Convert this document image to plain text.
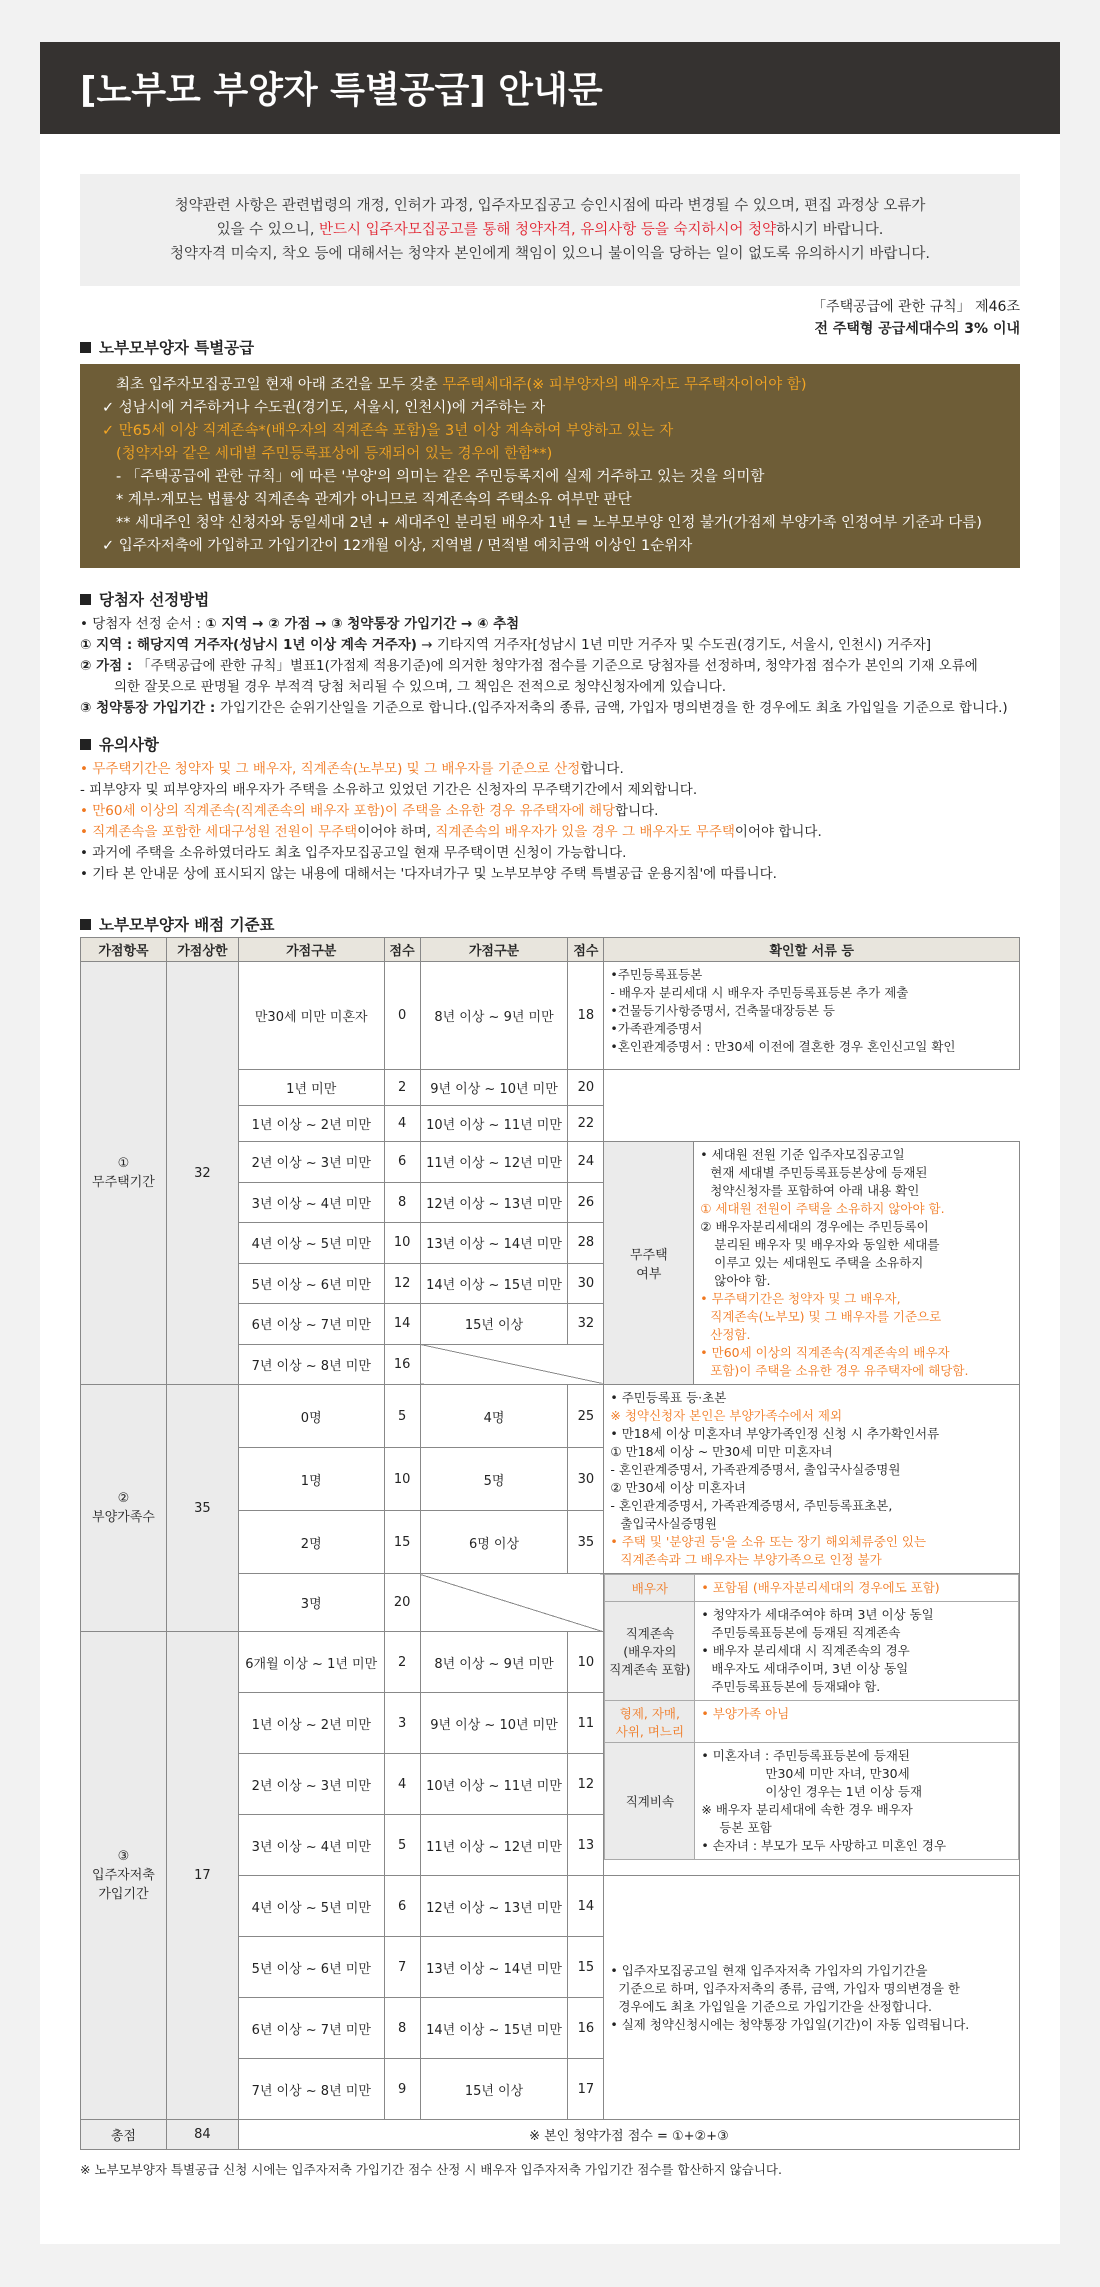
[노부모 부양자 특별공급] 안내문
청약관련 사항은 관련법령의 개정, 인허가 과정, 입주자모집공고 승인시점에 따라 변경될 수 있으며, 편집 과정상 오류가
있을 수 있으니, 반드시 입주자모집공고를 통해 청약자격, 유의사항 등을 숙지하시어 청약하시기 바랍니다.
청약자격 미숙지, 착오 등에 대해서는 청약자 본인에게 책임이 있으니 불이익을 당하는 일이 없도록 유의하시기 바랍니다.
「주택공급에 관한 규칙」 제46조
전 주택형 공급세대수의 3% 이내
노부모부양자 특별공급
최초 입주자모집공고일 현재 아래 조건을 모두 갖춘 무주택세대주(※ 피부양자의 배우자도 무주택자이어야 함)
✓ 성남시에 거주하거나 수도권(경기도, 서울시, 인천시)에 거주하는 자
✓ 만65세 이상 직계존속*(배우자의 직계존속 포함)을 3년 이상 계속하여 부양하고 있는 자
(청약자와 같은 세대별 주민등록표상에 등재되어 있는 경우에 한함**)
- 「주택공급에 관한 규칙」에 따른 '부양'의 의미는 같은 주민등록지에 실제 거주하고 있는 것을 의미함
* 계부·계모는 법률상 직계존속 관계가 아니므로 직계존속의 주택소유 여부만 판단
** 세대주인 청약 신청자와 동일세대 2년 + 세대주인 분리된 배우자 1년 = 노부모부양 인정 불가(가점제 부양가족 인정여부 기준과 다름)
✓ 입주자저축에 가입하고 가입기간이 12개월 이상, 지역별 / 면적별 예치금액 이상인 1순위자
당첨자 선정방법
• 당첨자 선정 순서 : ① 지역 → ② 가점 → ③ 청약통장 가입기간 → ④ 추첨
① 지역 : 해당지역 거주자(성남시 1년 이상 계속 거주자) → 기타지역 거주자[성남시 1년 미만 거주자 및 수도권(경기도, 서울시, 인천시) 거주자]
② 가점 : 「주택공급에 관한 규칙」별표1(가점제 적용기준)에 의거한 청약가점 점수를 기준으로 당첨자를 선정하며, 청약가점 점수가 본인의 기재 오류에
의한 잘못으로 판명될 경우 부적격 당첨 처리될 수 있으며, 그 책임은 전적으로 청약신청자에게 있습니다.
③ 청약통장 가입기간 : 가입기간은 순위기산일을 기준으로 합니다.(입주자저축의 종류, 금액, 가입자 명의변경을 한 경우에도 최초 가입일을 기준으로 합니다.)
유의사항
• 무주택기간은 청약자 및 그 배우자, 직계존속(노부모) 및 그 배우자를 기준으로 산정합니다.
- 피부양자 및 피부양자의 배우자가 주택을 소유하고 있었던 기간은 신청자의 무주택기간에서 제외합니다.
• 만60세 이상의 직계존속(직계존속의 배우자 포함)이 주택을 소유한 경우 유주택자에 해당합니다.
• 직계존속을 포함한 세대구성원 전원이 무주택이어야 하며, 직계존속의 배우자가 있을 경우 그 배우자도 무주택이어야 합니다.
• 과거에 주택을 소유하였더라도 최초 입주자모집공고일 현재 무주택이면 신청이 가능합니다.
• 기타 본 안내문 상에 표시되지 않는 내용에 대해서는 '다자녀가구 및 노부모부양 주택 특별공급 운용지침'에 따릅니다.
노부모부양자 배점 기준표
가점항목	가점상한	가점구분	점수	가점구분	점수	확인할 서류 등

①
무주택기간
	32	만30세 미만 미혼자	0	8년 이상 ~ 9년 미만	18	
•주민등록표등본
- 배우자 분리세대 시 배우자 주민등록표등본 추가 제출
•건물등기사항증명서, 건축물대장등본 등
•가족관계증명서
•혼인관계증명서 : 만30세 이전에 결혼한 경우 혼인신고일 확인

1년 미만	2	9년 이상 ~ 10년 미만	20
1년 이상 ~ 2년 미만	4	10년 이상 ~ 11년 미만	22
2년 이상 ~ 3년 미만	6	11년 이상 ~ 12년 미만	24	
무주택
여부

• 세대원 전원 기준 입주자모집공고일
현재 세대별 주민등록표등본상에 등재된
청약신청자를 포함하여 아래 내용 확인
① 세대원 전원이 주택을 소유하지 않아야 함.
② 배우자분리세대의 경우에는 주민등록이
분리된 배우자 및 배우자와 동일한 세대를
이루고 있는 세대원도 주택을 소유하지
않아야 함.
• 무주택기간은 청약자 및 그 배우자,
직계존속(노부모) 및 그 배우자를 기준으로
산정함.
• 만60세 이상의 직계존속(직계존속의 배우자
포함)이 주택을 소유한 경우 유주택자에 해당함.

3년 이상 ~ 4년 미만	8	12년 이상 ~ 13년 미만	26
4년 이상 ~ 5년 미만	10	13년 이상 ~ 14년 미만	28
5년 이상 ~ 6년 미만	12	14년 이상 ~ 15년 미만	30
6년 이상 ~ 7년 미만	14	15년 이상	32
7년 이상 ~ 8년 미만	16	

②
부양가족수
	35	0명	5	4명	25	
• 주민등록표 등·초본
※ 청약신청자 본인은 부양가족수에서 제외
• 만18세 이상 미혼자녀 부양가족인정 신청 시 추가확인서류
① 만18세 이상 ~ 만30세 미만 미혼자녀
- 혼인관계증명서, 가족관계증명서, 출입국사실증명원
② 만30세 이상 미혼자녀
- 혼인관계증명서, 가족관계증명서, 주민등록표초본,
출입국사실증명원
• 주택 및 '분양권 등'을 소유 또는 장기 해외체류중인 있는
직계존속과 그 배우자는 부양가족으로 인정 불가

1명	10	5명	30
2명	15	6명 이상	35
3명	20		
배우자	• 포함됨 (배우자분리세대의 경우에도 포함)

직계존속
(배우자의
직계존속 포함)

• 청약자가 세대주여야 하며 3년 이상 동일
주민등록표등본에 등재된 직계존속
• 배우자 분리세대 시 직계존속의 경우
배우자도 세대주이며, 3년 이상 동일
주민등록표등본에 등재돼야 함.

형제, 자매,
사위, 며느리
	• 부양가족 아님
직계비속	
• 미혼자녀 : 주민등록표등본에 등재된
만30세 미만 자녀, 만30세
이상인 경우는 1년 이상 등재
※ 배우자 분리세대에 속한 경우 배우자
등본 포함
• 손자녀 : 부모가 모두 사망하고 미혼인 경우

③
입주자저축
가입기간
	17	6개월 이상 ~ 1년 미만	2	8년 이상 ~ 9년 미만	10
1년 이상 ~ 2년 미만	3	9년 이상 ~ 10년 미만	11
2년 이상 ~ 3년 미만	4	10년 이상 ~ 11년 미만	12
3년 이상 ~ 4년 미만	5	11년 이상 ~ 12년 미만	13
4년 이상 ~ 5년 미만	6	12년 이상 ~ 13년 미만	14	
• 입주자모집공고일 현재 입주자저축 가입자의 가입기간을
기준으로 하며, 입주자저축의 종류, 금액, 가입자 명의변경을 한
경우에도 최초 가입일을 기준으로 가입기간을 산정합니다.
• 실제 청약신청시에는 청약통장 가입일(기간)이 자동 입력됩니다.

5년 이상 ~ 6년 미만	7	13년 이상 ~ 14년 미만	15
6년 이상 ~ 7년 미만	8	14년 이상 ~ 15년 미만	16
7년 이상 ~ 8년 미만	9	15년 이상	17
총점	84	※ 본인 청약가점 점수 = ①+②+③
※ 노부모부양자 특별공급 신청 시에는 입주자저축 가입기간 점수 산정 시 배우자 입주자저축 가입기간 점수를 합산하지 않습니다.
